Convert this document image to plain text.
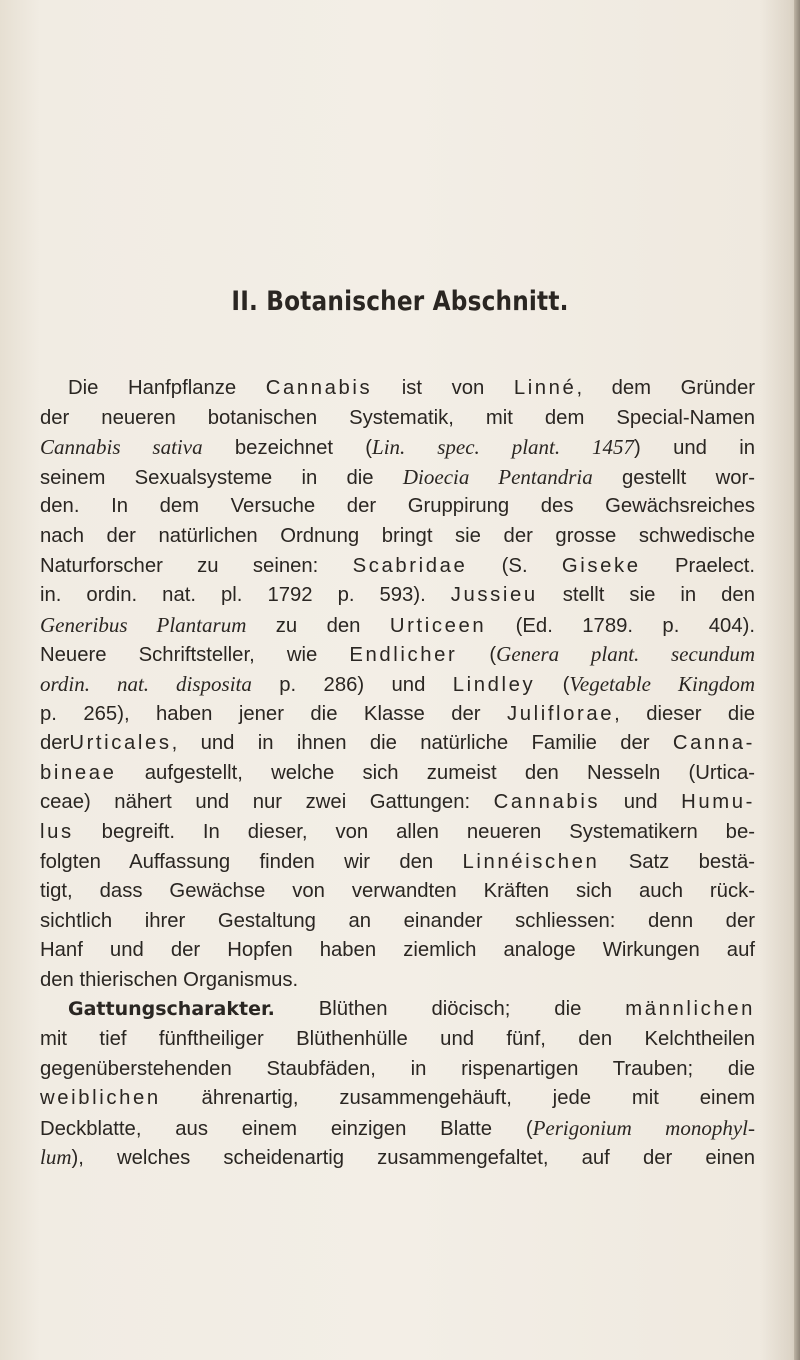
II. Botanischer Abschnitt.
Die Hanfpflanze Cannabis ist von Linné, dem Gründer
der neueren botanischen Systematik, mit dem Special-Namen
Cannabis sativa bezeichnet (Lin. spec. plant. 1457) und in
seinem Sexualsysteme in die Dioecia Pentandria gestellt wor-
den. In dem Versuche der Gruppirung des Gewächsreiches
nach der natürlichen Ordnung bringt sie der grosse schwedische
Naturforscher zu seinen: Scabridae (S. Giseke Praelect.
in. ordin. nat. pl. 1792 p. 593). Jussieu stellt sie in den
Generibus Plantarum zu den Urticeen (Ed. 1789. p. 404).
Neuere Schriftsteller, wie Endlicher (Genera plant. secundum
ordin. nat. disposita p. 286) und Lindley (Vegetable Kingdom
p. 265), haben jener die Klasse der Juliflorae, dieser die
derUrticales, und in ihnen die natürliche Familie der Canna-
bineae aufgestellt, welche sich zumeist den Nesseln (Urtica-
ceae) nähert und nur zwei Gattungen: Cannabis und Humu-
lus begreift. In dieser, von allen neueren Systematikern be-
folgten Auffassung finden wir den Linnéischen Satz bestä-
tigt, dass Gewächse von verwandten Kräften sich auch rück-
sichtlich ihrer Gestaltung an einander schliessen: denn der
Hanf und der Hopfen haben ziemlich analoge Wirkungen auf
den thierischen Organismus.
Gattungscharakter. Blüthen diöcisch; die männlichen
mit tief fünftheiliger Blüthenhülle und fünf, den Kelchtheilen
gegenüberstehenden Staubfäden, in rispenartigen Trauben; die
weiblichen ährenartig, zusammengehäuft, jede mit einem
Deckblatte, aus einem einzigen Blatte (Perigonium monophyl-
lum), welches scheidenartig zusammengefaltet, auf der einen
